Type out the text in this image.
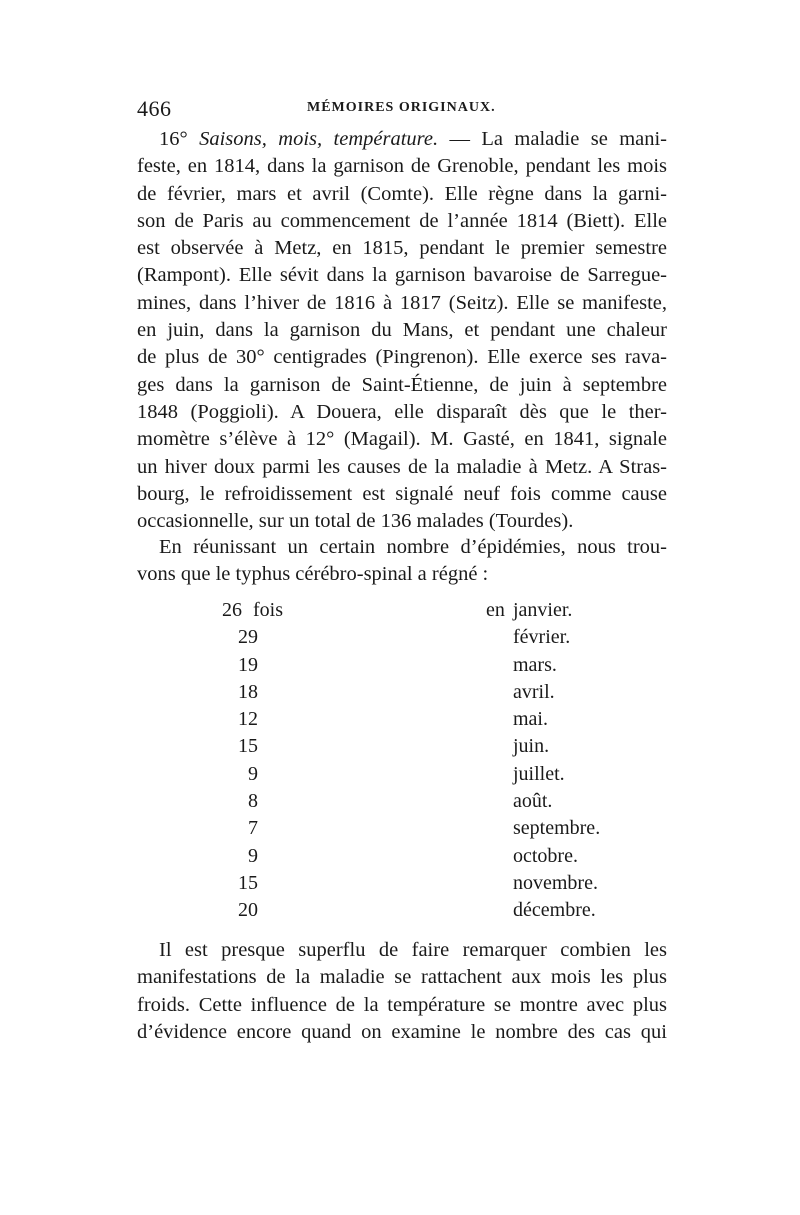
466	MÉMOIRES ORIGINAUX.
16° Saisons, mois, température. — La maladie se mani-
feste, en 1814, dans la garnison de Grenoble, pendant les mois
de février, mars et avril (Comte). Elle règne dans la garni-
son de Paris au commencement de l’année 1814 (Biett). Elle
est observée à Metz, en 1815, pendant le premier semestre
(Rampont). Elle sévit dans la garnison bavaroise de Sarregue-
mines, dans l’hiver de 1816 à 1817 (Seitz). Elle se manifeste,
en juin, dans la garnison du Mans, et pendant une chaleur
de plus de 30° centigrades (Pingrenon). Elle exerce ses rava-
ges dans la garnison de Saint-Étienne, de juin à septembre
1848 (Poggioli). A Douera, elle disparaît dès que le ther-
momètre s’élève à 12° (Magail). M. Gasté, en 1841, signale
un hiver doux parmi les causes de la maladie à Metz. A Stras-
bourg, le refroidissement est signalé neuf fois comme cause
occasionnelle, sur un total de 136 malades (Tourdes).
En réunissant un certain nombre d’épidémies, nous trou-
vons que le typhus cérébro-spinal a régné :
26 fois	en janvier.
29	février.
19	mars.
18	avril.
12	mai.
15	juin.
9	juillet.
8	août.
7	septembre.
9	octobre.
15	novembre.
20	décembre.
Il est presque superflu de faire remarquer combien les
manifestations de la maladie se rattachent aux mois les plus
froids. Cette influence de la température se montre avec plus
d’évidence encore quand on examine le nombre des cas qui
